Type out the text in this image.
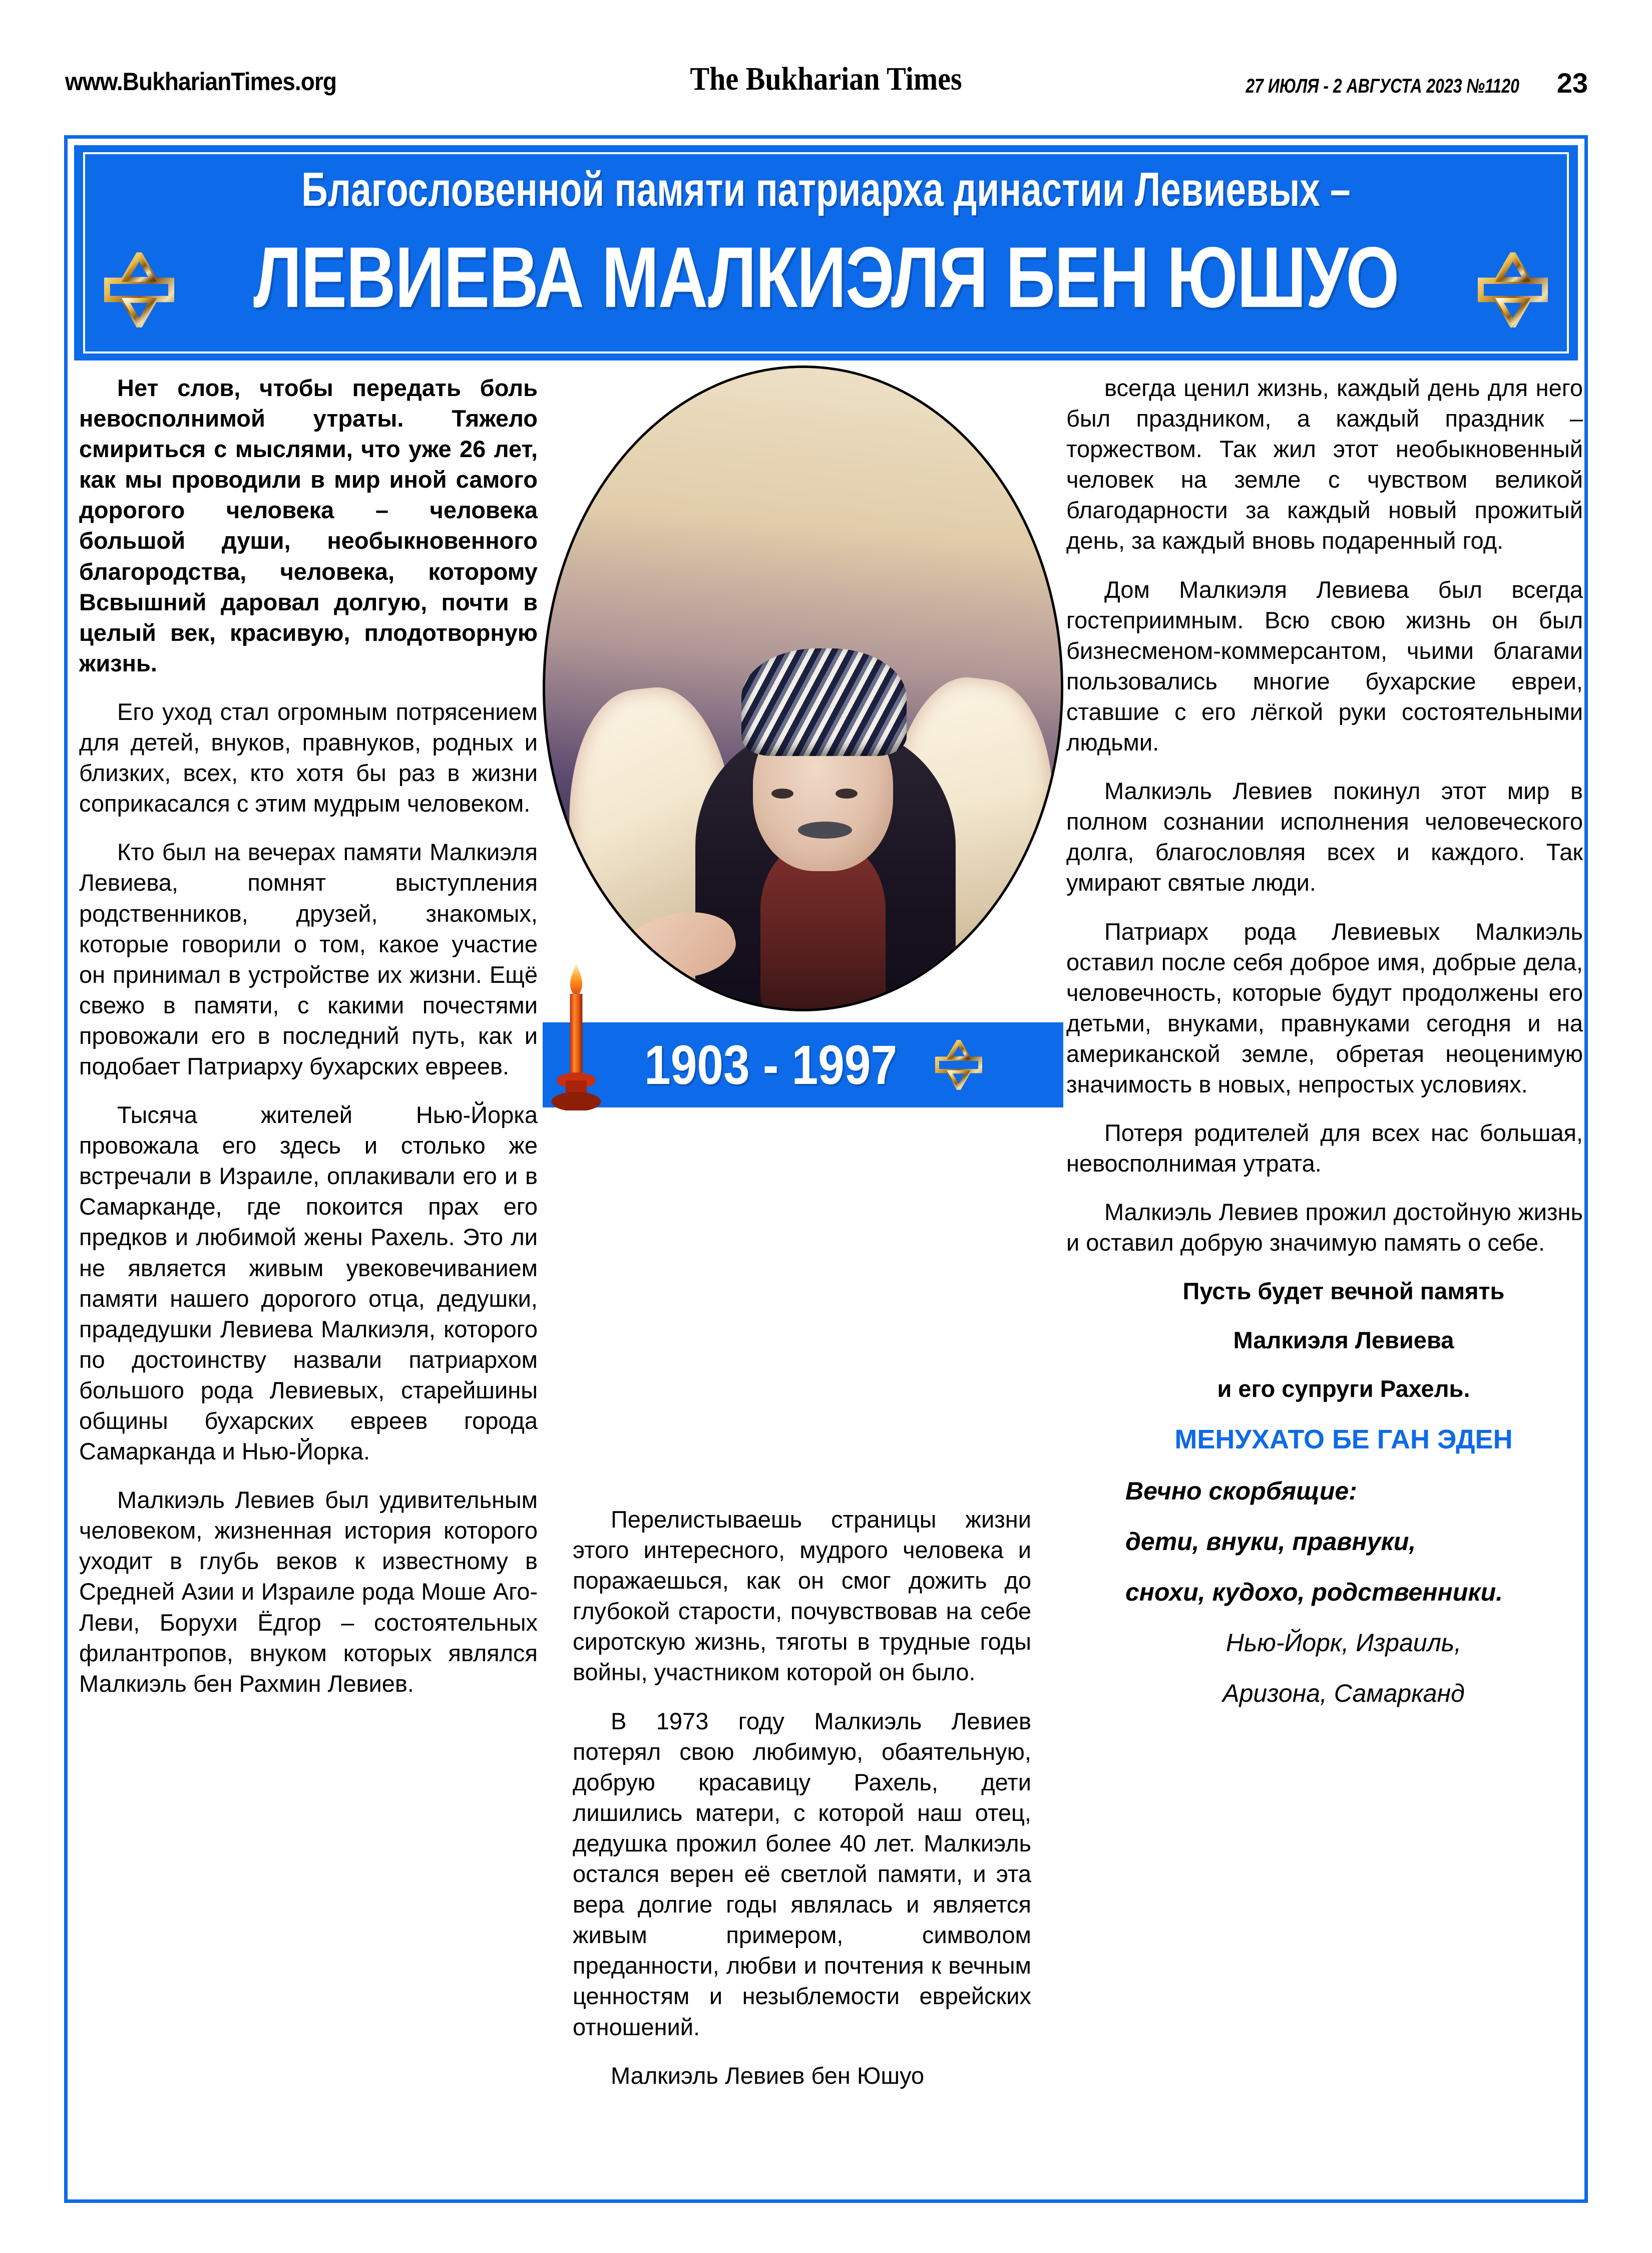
www.BukharianTimes.org	The Bukharian Times	27 ИЮЛЯ - 2 АВГУСТА 2023 №1120 23
Благословенной памяти патриарха династии Левиевых –
ЛЕВИЕВА МАЛКИЭЛЯ БЕН ЮШУО
1903 - 1997

Нет слов, чтобы передать боль невосполнимой утраты. Тяжело смириться с мыслями, что уже 26 лет, как мы проводили в мир иной самого дорогого человека – человека большой души, необыкновенного благородства, человека, которому Всвышний даровал долгую, почти в целый век, красивую, плодотворную жизнь.

Его уход стал огромным потрясением для детей, внуков, правнуков, родных и близких, всех, кто хотя бы раз в жизни соприкасался с этим мудрым человеком.

Кто был на вечерах памяти Малкиэля Левиева, помнят выступления родственников, друзей, знакомых, которые говорили о том, какое участие он принимал в устройстве их жизни. Ещё свежо в памяти, с какими почестями провожали его в последний путь, как и подобает Патриарху бухарских евреев.

Тысяча жителей Нью-Йорка провожала его здесь и столько же встречали в Израиле, оплакивали его и в Самарканде, где покоится прах его предков и любимой жены Рахель. Это ли не является живым увековечиванием памяти нашего дорогого отца, дедушки, прадедушки Левиева Малкиэля, которого по достоинству назвали патриархом большого рода Левиевых, старейшины общины бухарских евреев города Самарканда и Нью-Йорка.

Малкиэль Левиев был удивительным человеком, жизненная история которого уходит в глубь веков к известному в Средней Азии и Израиле рода Моше Аго-Леви, Борухи Ёдгор – состоятельных филантропов, внуком которых являлся Малкиэль бен Рахмин Левиев.

Перелистываешь страницы жизни этого интересного, мудрого человека и поражаешься, как он смог дожить до глубокой старости, почувствовав на себе сиротскую жизнь, тяготы в трудные годы войны, участником которой он было.

В 1973 году Малкиэль Левиев потерял свою любимую, обаятельную, добрую красавицу Рахель, дети лишились матери, с которой наш отец, дедушка прожил более 40 лет. Малкиэль остался верен её светлой памяти, и эта вера долгие годы являлась и является живым примером, символом преданности, любви и почтения к вечным ценностям и незыблемости еврейских отношений.

Малкиэль Левиев бен Юшуо

всегда ценил жизнь, каждый день для него был праздником, а каждый праздник – торжеством. Так жил этот необыкновенный человек на земле с чувством великой благодарности за каждый новый прожитый день, за каждый вновь подаренный год.

Дом Малкиэля Левиева был всегда гостеприимным. Всю свою жизнь он был бизнесменом-коммерсантом, чьими благами пользовались многие бухарские евреи, ставшие с его лёгкой руки состоятельными людьми.

Малкиэль Левиев покинул этот мир в полном сознании исполнения человеческого долга, благословляя всех и каждого. Так умирают святые люди.

Патриарх рода Левиевых Малкиэль оставил после себя доброе имя, добрые дела, человечность, которые будут продолжены его детьми, внуками, правнуками сегодня и на американской земле, обретая неоценимую значимость в новых, непростых условиях.

Потеря родителей для всех нас большая, невосполнимая утрата.

Малкиэль Левиев прожил достойную жизнь и оставил добрую значимую память о себе.

Пусть будет вечной память

Малкиэля Левиева

и его супруги Рахель.

МЕНУХАТО БЕ ГАН ЭДЕН

Вечно скорбящие:

дети, внуки, правнуки,

снохи, кудохо, родственники.

Нью-Йорк, Израиль,

Аризона, Самарканд
